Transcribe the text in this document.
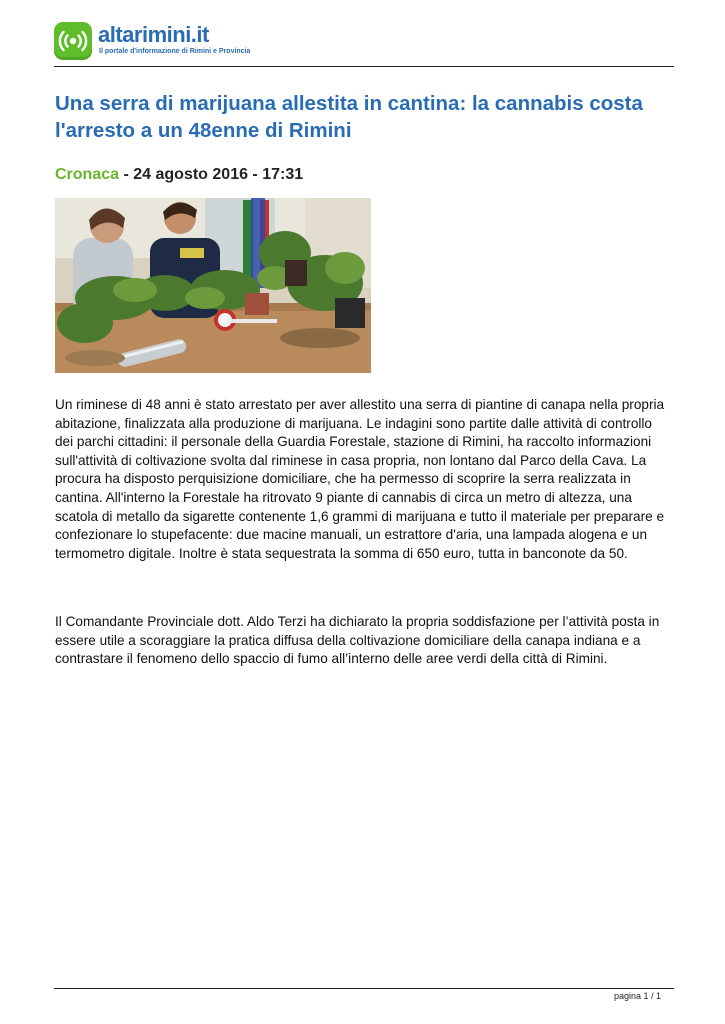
altarimini.it
Il portale d'informazione di Rimini e Provincia
Una serra di marijuana allestita in cantina: la cannabis costa l'arresto a un 48enne di Rimini
Cronaca - 24 agosto 2016 - 17:31

Un riminese di 48 anni è stato arrestato per aver allestito una serra di piantine di canapa nella propria abitazione, finalizzata alla produzione di marijuana. Le indagini sono partite dalle attività di controllo dei parchi cittadini: il personale della Guardia Forestale, stazione di Rimini, ha raccolto informazioni sull'attività di coltivazione svolta dal riminese in casa propria, non lontano dal Parco della Cava. La procura ha disposto perquisizione domiciliare, che ha permesso di scoprire la serra realizzata in cantina. All'interno la Forestale ha ritrovato 9 piante di cannabis di circa un metro di altezza, una scatola di metallo da sigarette contenente 1,6 grammi di marijuana e tutto il materiale per preparare e confezionare lo stupefacente: due macine manuali, un estrattore d'aria, una lampada alogena e un termometro digitale. Inoltre è stata sequestrata la somma di 650 euro, tutta in banconote da 50.

Il Comandante Provinciale dott. Aldo Terzi ha dichiarato la propria soddisfazione per l’attività posta in essere utile a scoraggiare la pratica diffusa della coltivazione domiciliare della canapa indiana e a contrastare il fenomeno dello spaccio di fumo all’interno delle aree verdi della città di Rimini.

pagina 1 / 1
